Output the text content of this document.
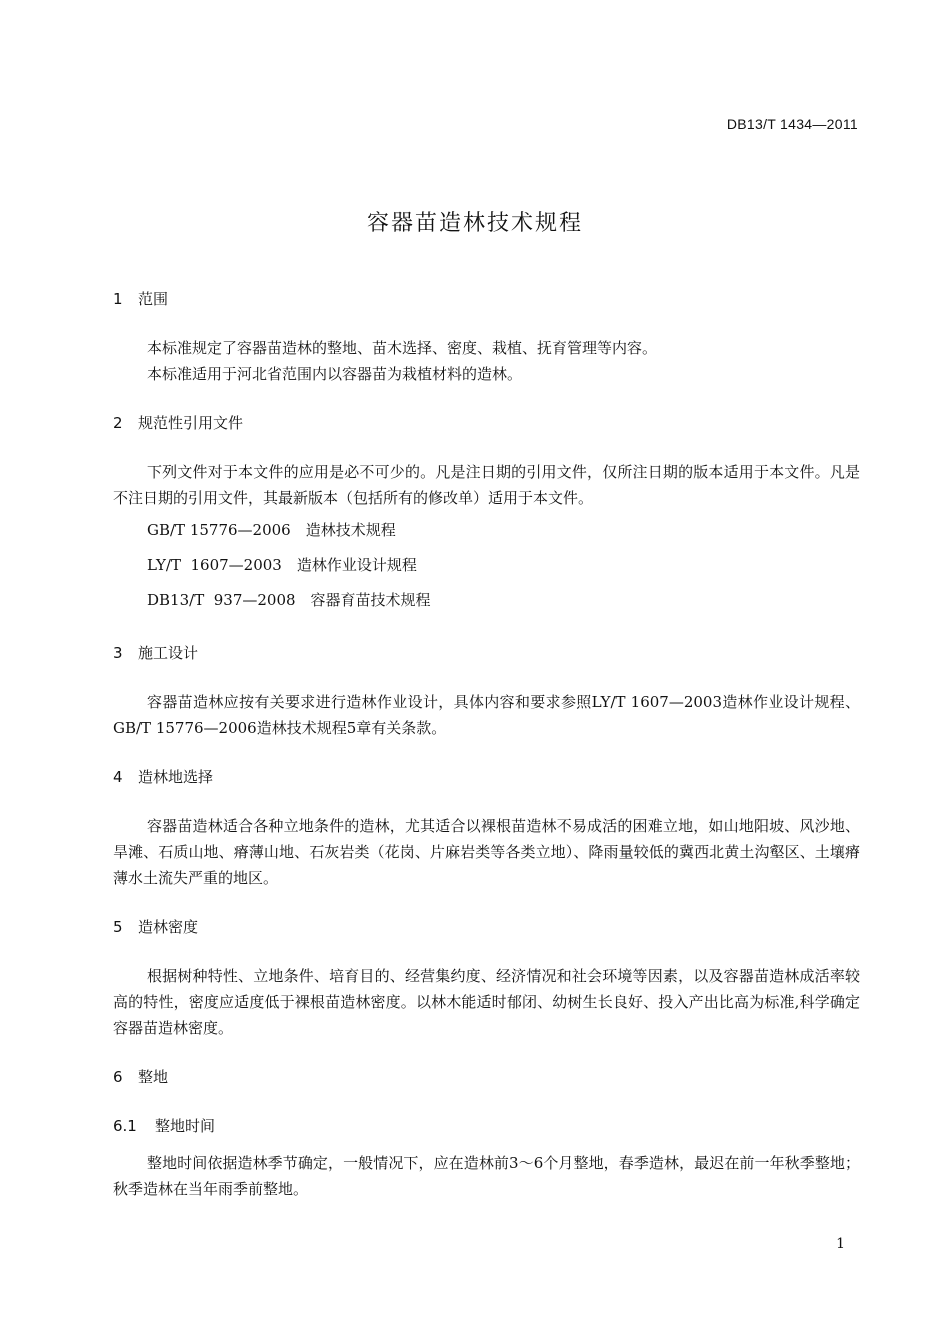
DB13/T 1434—2011
容器苗造林技术规程
1 范围
本标准规定了容器苗造林的整地、苗木选择、密度、栽植、抚育管理等内容。
本标准适用于河北省范围内以容器苗为栽植材料的造林。
2 规范性引用文件
下列文件对于本文件的应用是必不可少的。凡是注日期的引用文件，仅所注日期的版本适用于本文件。凡是不注日期的引用文件，其最新版本（包括所有的修改单）适用于本文件。
GB/T 15776—2006　造林技术规程
LY/T  1607—2003　造林作业设计规程
DB13/T  937—2008　容器育苗技术规程
3 施工设计
容器苗造林应按有关要求进行造林作业设计，具体内容和要求参照LY/T 1607—2003造林作业设计规程、GB/T 15776—2006造林技术规程5章有关条款。
4 造林地选择
容器苗造林适合各种立地条件的造林，尤其适合以裸根苗造林不易成活的困难立地，如山地阳坡、风沙地、旱滩、石质山地、瘠薄山地、石灰岩类（花岗、片麻岩类等各类立地）、降雨量较低的冀西北黄土沟壑区、土壤瘠薄水土流失严重的地区。
5 造林密度
根据树种特性、立地条件、培育目的、经营集约度、经济情况和社会环境等因素，以及容器苗造林成活率较高的特性，密度应适度低于裸根苗造林密度。以林木能适时郁闭、幼树生长良好、投入产出比高为标准,科学确定容器苗造林密度。
6 整地
6.1 整地时间
整地时间依据造林季节确定，一般情况下，应在造林前3～6个月整地，春季造林，最迟在前一年秋季整地；秋季造林在当年雨季前整地。
1
